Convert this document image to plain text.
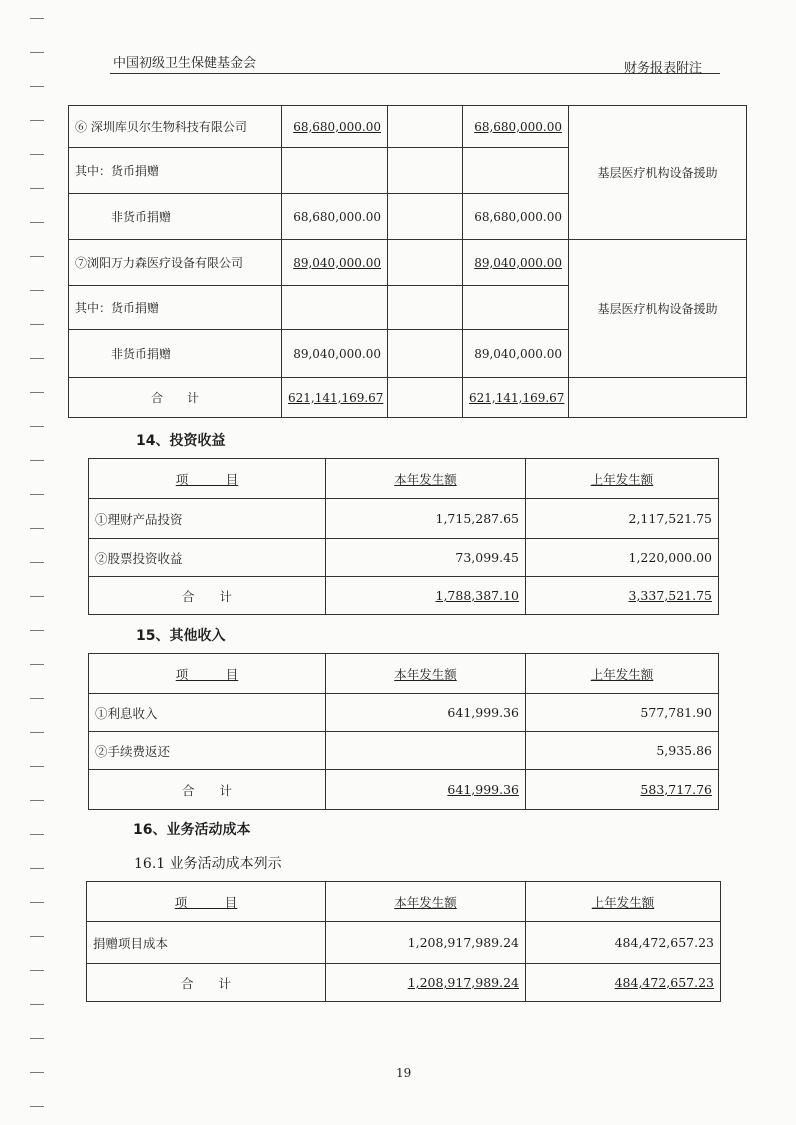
中国初级卫生保健基金会	财务报表附注
⑥ 深圳库贝尔生物科技有限公司	68,680,000.00		68,680,000.00	基层医疗机构设备援助
其中：货币捐赠				
非货币捐赠	68,680,000.00		68,680,000.00	
⑦浏阳万力森医疗设备有限公司	89,040,000.00		89,040,000.00	基层医疗机构设备援助
其中：货币捐赠				
非货币捐赠	89,040,000.00		89,040,000.00	
合　　计	621,141,169.67		621,141,169.67	
14、投资收益
项　　　目	本年发生额	上年发生额
①理财产品投资	1,715,287.65	2,117,521.75
②股票投资收益	73,099.45	1,220,000.00
合　　计	1,788,387.10	3,337,521.75
15、其他收入
项　　　目	本年发生额	上年发生额
①利息收入	641,999.36	577,781.90
②手续费返还		5,935.86
合　　计	641,999.36	583,717.76
16、业务活动成本
16.1 业务活动成本列示
项　　　目	本年发生额	上年发生额
捐赠项目成本	1,208,917,989.24	484,472,657.23
合　　计	1,208,917,989.24	484,472,657.23
19
